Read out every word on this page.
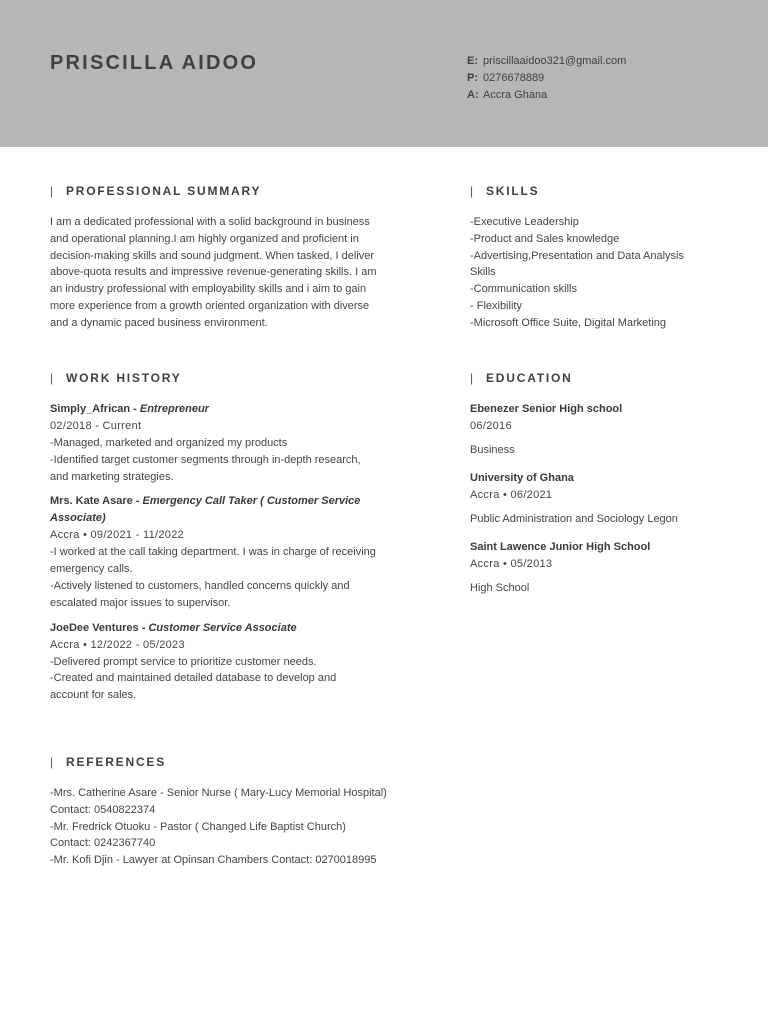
PRISCILLA AIDOO	E: priscillaaidoo321@gmail.com
P: 0276678889
A: Accra Ghana
| PROFESSIONAL SUMMARY
I am a dedicated professional with a solid background in business
and operational planning.I am highly organized and proficient in
decision-making skills and sound judgment. When tasked, I deliver
above-quota results and impressive revenue-generating skills. I am
an industry professional with employability skills and i aim to gain
more experience from a growth oriented organization with diverse
and a dynamic paced business environment.
| SKILLS
-Executive Leadership
-Product and Sales knowledge
-Advertising,Presentation and Data Analysis
Skills
-Communication skills
- Flexibility
-Microsoft Office Suite, Digital Marketing
| WORK HISTORY
Simply_African - Entrepreneur
02/2018 - Current
-Managed, marketed and organized my products
-Identified target customer segments through in-depth research,
and marketing strategies.
Mrs. Kate Asare - Emergency Call Taker ( Customer Service Associate)
Accra • 09/2021 - 11/2022
-I worked at the call taking department. I was in charge of receiving
emergency calls.
-Actively listened to customers, handled concerns quickly and
escalated major issues to supervisor.
JoeDee Ventures - Customer Service Associate
Accra • 12/2022 - 05/2023
-Delivered prompt service to prioritize customer needs.
-Created and maintained detailed database to develop and
account for sales.
| EDUCATION
Ebenezer Senior High school
06/2016
Business
University of Ghana
Accra • 06/2021
Public Administration and Sociology Legon
Saint Lawence Junior High School
Accra • 05/2013
High School
| REFERENCES
-Mrs. Catherine Asare - Senior Nurse ( Mary-Lucy Memorial Hospital)
Contact: 0540822374
-Mr. Fredrick Otuoku - Pastor ( Changed Life Baptist Church)
Contact: 0242367740
-Mr. Kofi Djin - Lawyer at Opinsan Chambers Contact: 0270018995
